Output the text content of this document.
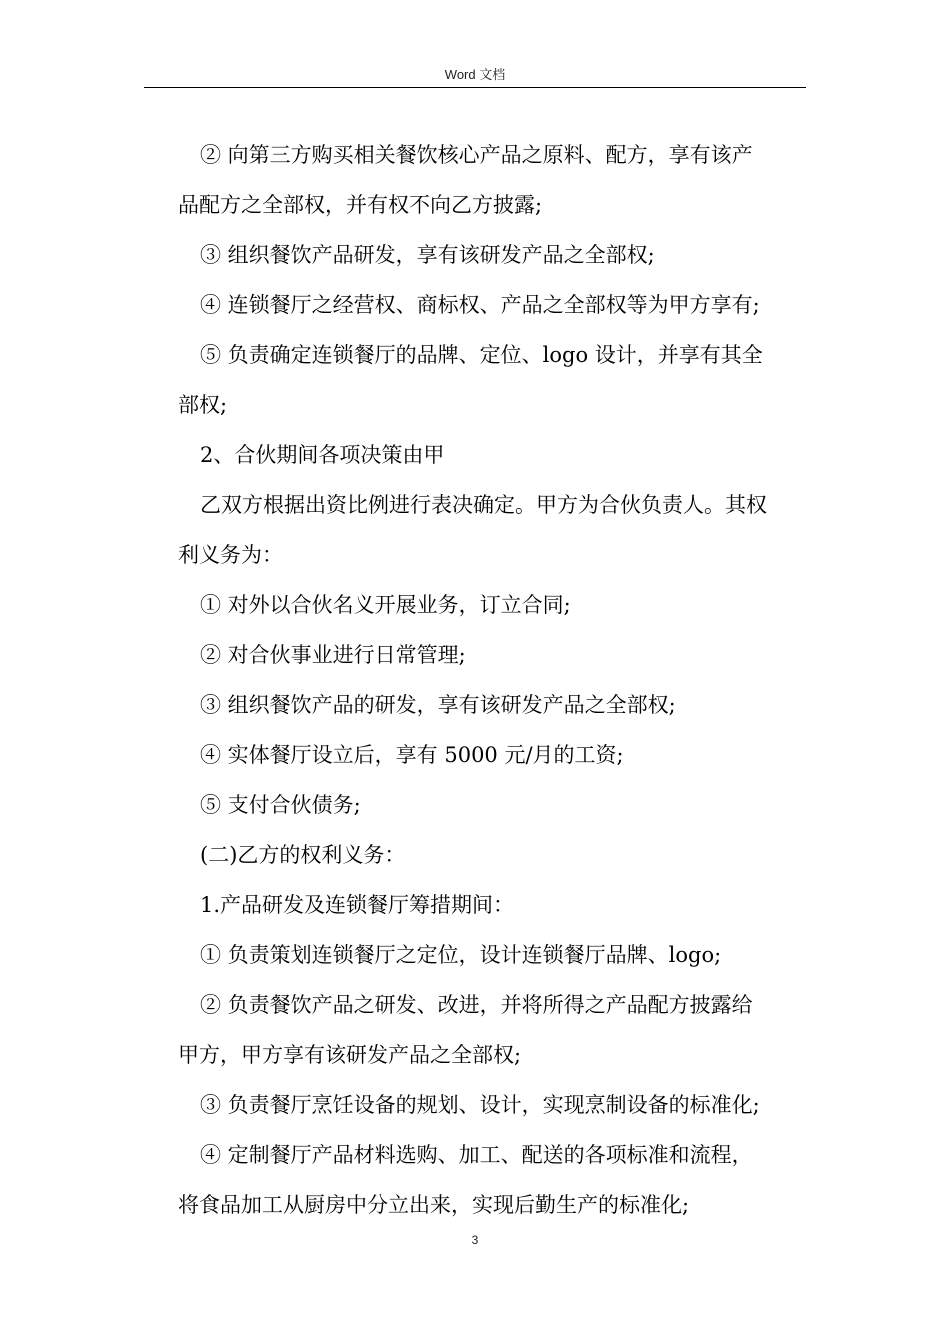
Word 文档
② 向第三方购买相关餐饮核心产品之原料、配方，享有该产
品配方之全部权，并有权不向乙方披露;
③ 组织餐饮产品研发，享有该研发产品之全部权;
④ 连锁餐厅之经营权、商标权、产品之全部权等为甲方享有;
⑤ 负责确定连锁餐厅的品牌、定位、logo 设计，并享有其全
部权;
2、合伙期间各项决策由甲
乙双方根据出资比例进行表决确定。甲方为合伙负责人。其权
利义务为：
① 对外以合伙名义开展业务，订立合同;
② 对合伙事业进行日常管理;
③ 组织餐饮产品的研发，享有该研发产品之全部权;
④ 实体餐厅设立后，享有 5000 元/月的工资;
⑤ 支付合伙债务;
(二)乙方的权利义务：
1.产品研发及连锁餐厅筹措期间：
① 负责策划连锁餐厅之定位，设计连锁餐厅品牌、logo;
② 负责餐饮产品之研发、改进，并将所得之产品配方披露给
甲方，甲方享有该研发产品之全部权;
③ 负责餐厅烹饪设备的规划、设计，实现烹制设备的标准化;
④ 定制餐厅产品材料选购、加工、配送的各项标准和流程，
将食品加工从厨房中分立出来，实现后勤生产的标准化;
3
